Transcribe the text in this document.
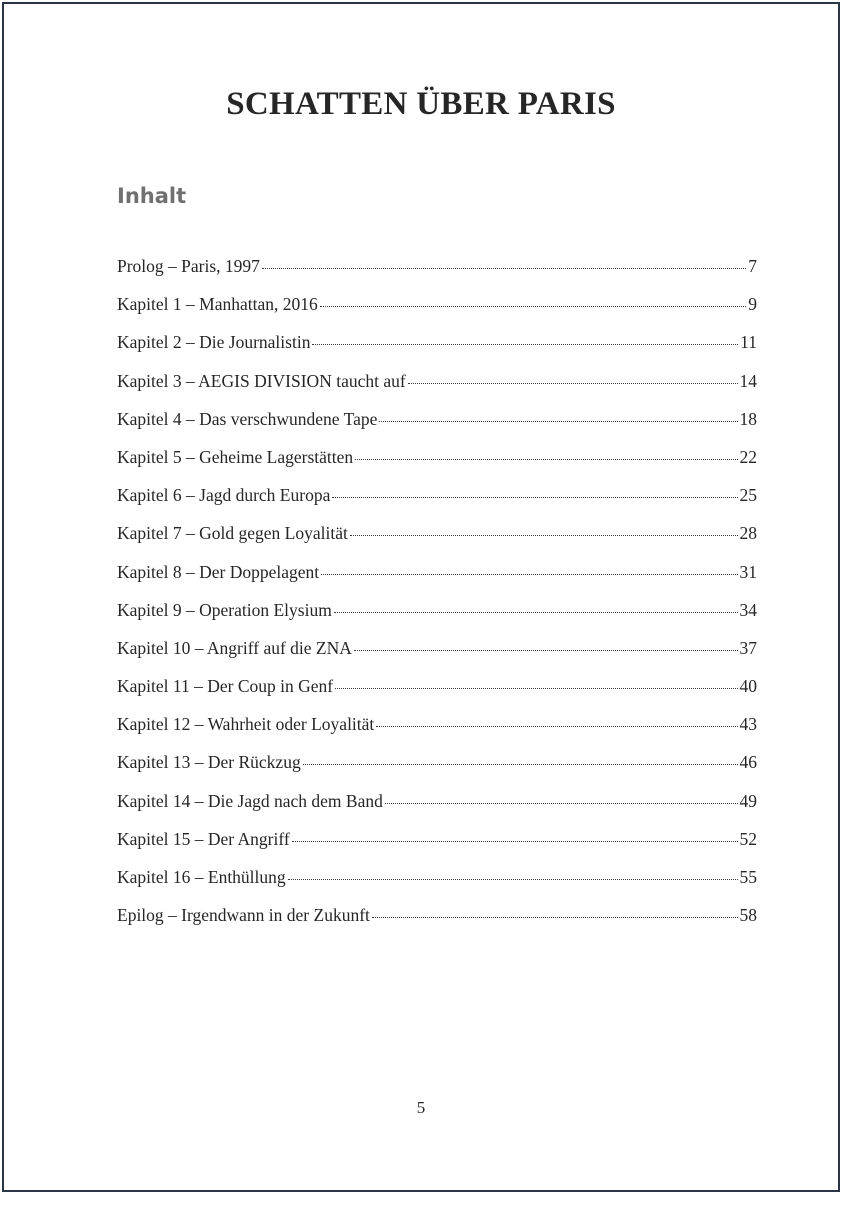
SCHATTEN ÜBER PARIS
Inhalt
Prolog – Paris, 1997	7
Kapitel 1 – Manhattan, 2016	9
Kapitel 2 – Die Journalistin	11
Kapitel 3 – AEGIS DIVISION taucht auf	14
Kapitel 4 – Das verschwundene Tape	18
Kapitel 5 – Geheime Lagerstätten	22
Kapitel 6 – Jagd durch Europa	25
Kapitel 7 – Gold gegen Loyalität	28
Kapitel 8 – Der Doppelagent	31
Kapitel 9 – Operation Elysium	34
Kapitel 10 – Angriff auf die ZNA	37
Kapitel 11 – Der Coup in Genf	40
Kapitel 12 – Wahrheit oder Loyalität	43
Kapitel 13 – Der Rückzug	46
Kapitel 14 – Die Jagd nach dem Band	49
Kapitel 15 – Der Angriff	52
Kapitel 16 – Enthüllung	55
Epilog – Irgendwann in der Zukunft	58
5
